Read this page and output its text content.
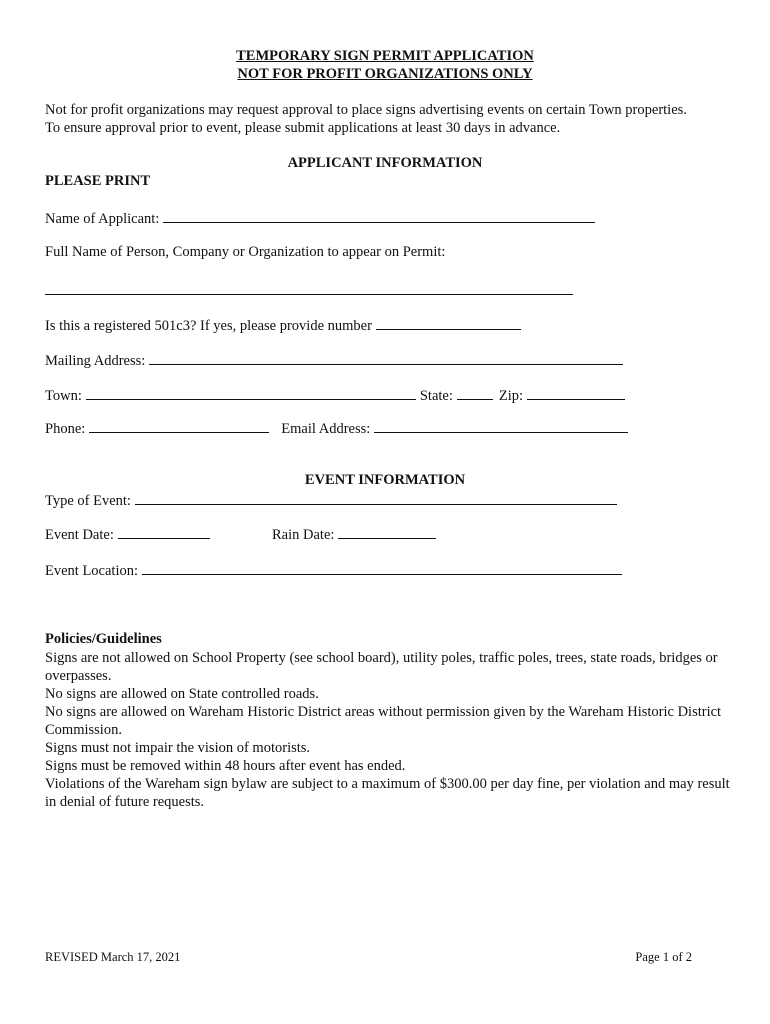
TEMPORARY SIGN PERMIT APPLICATION
NOT FOR PROFIT ORGANIZATIONS ONLY
Not for profit organizations may request approval to place signs advertising events on certain Town properties.
To ensure approval prior to event, please submit applications at least 30 days in advance.
APPLICANT INFORMATION
PLEASE PRINT
Name of Applicant:
Full Name of Person, Company or Organization to appear on Permit:
Is this a registered 501c3? If yes, please provide number
Mailing Address:
Town:	State:	Zip:
Phone:	Email Address:
EVENT INFORMATION
Type of Event:
Event Date:	Rain Date:
Event Location:
Policies/Guidelines
Signs are not allowed on School Property (see school board), utility poles, traffic poles, trees, state roads, bridges or overpasses.
No signs are allowed on State controlled roads.
No signs are allowed on Wareham Historic District areas without permission given by the Wareham Historic District Commission.
Signs must not impair the vision of motorists.
Signs must be removed within 48 hours after event has ended.
Violations of the Wareham sign bylaw are subject to a maximum of $300.00 per day fine, per violation and may result in denial of future requests.
REVISED March 17, 2021	Page 1 of 2
